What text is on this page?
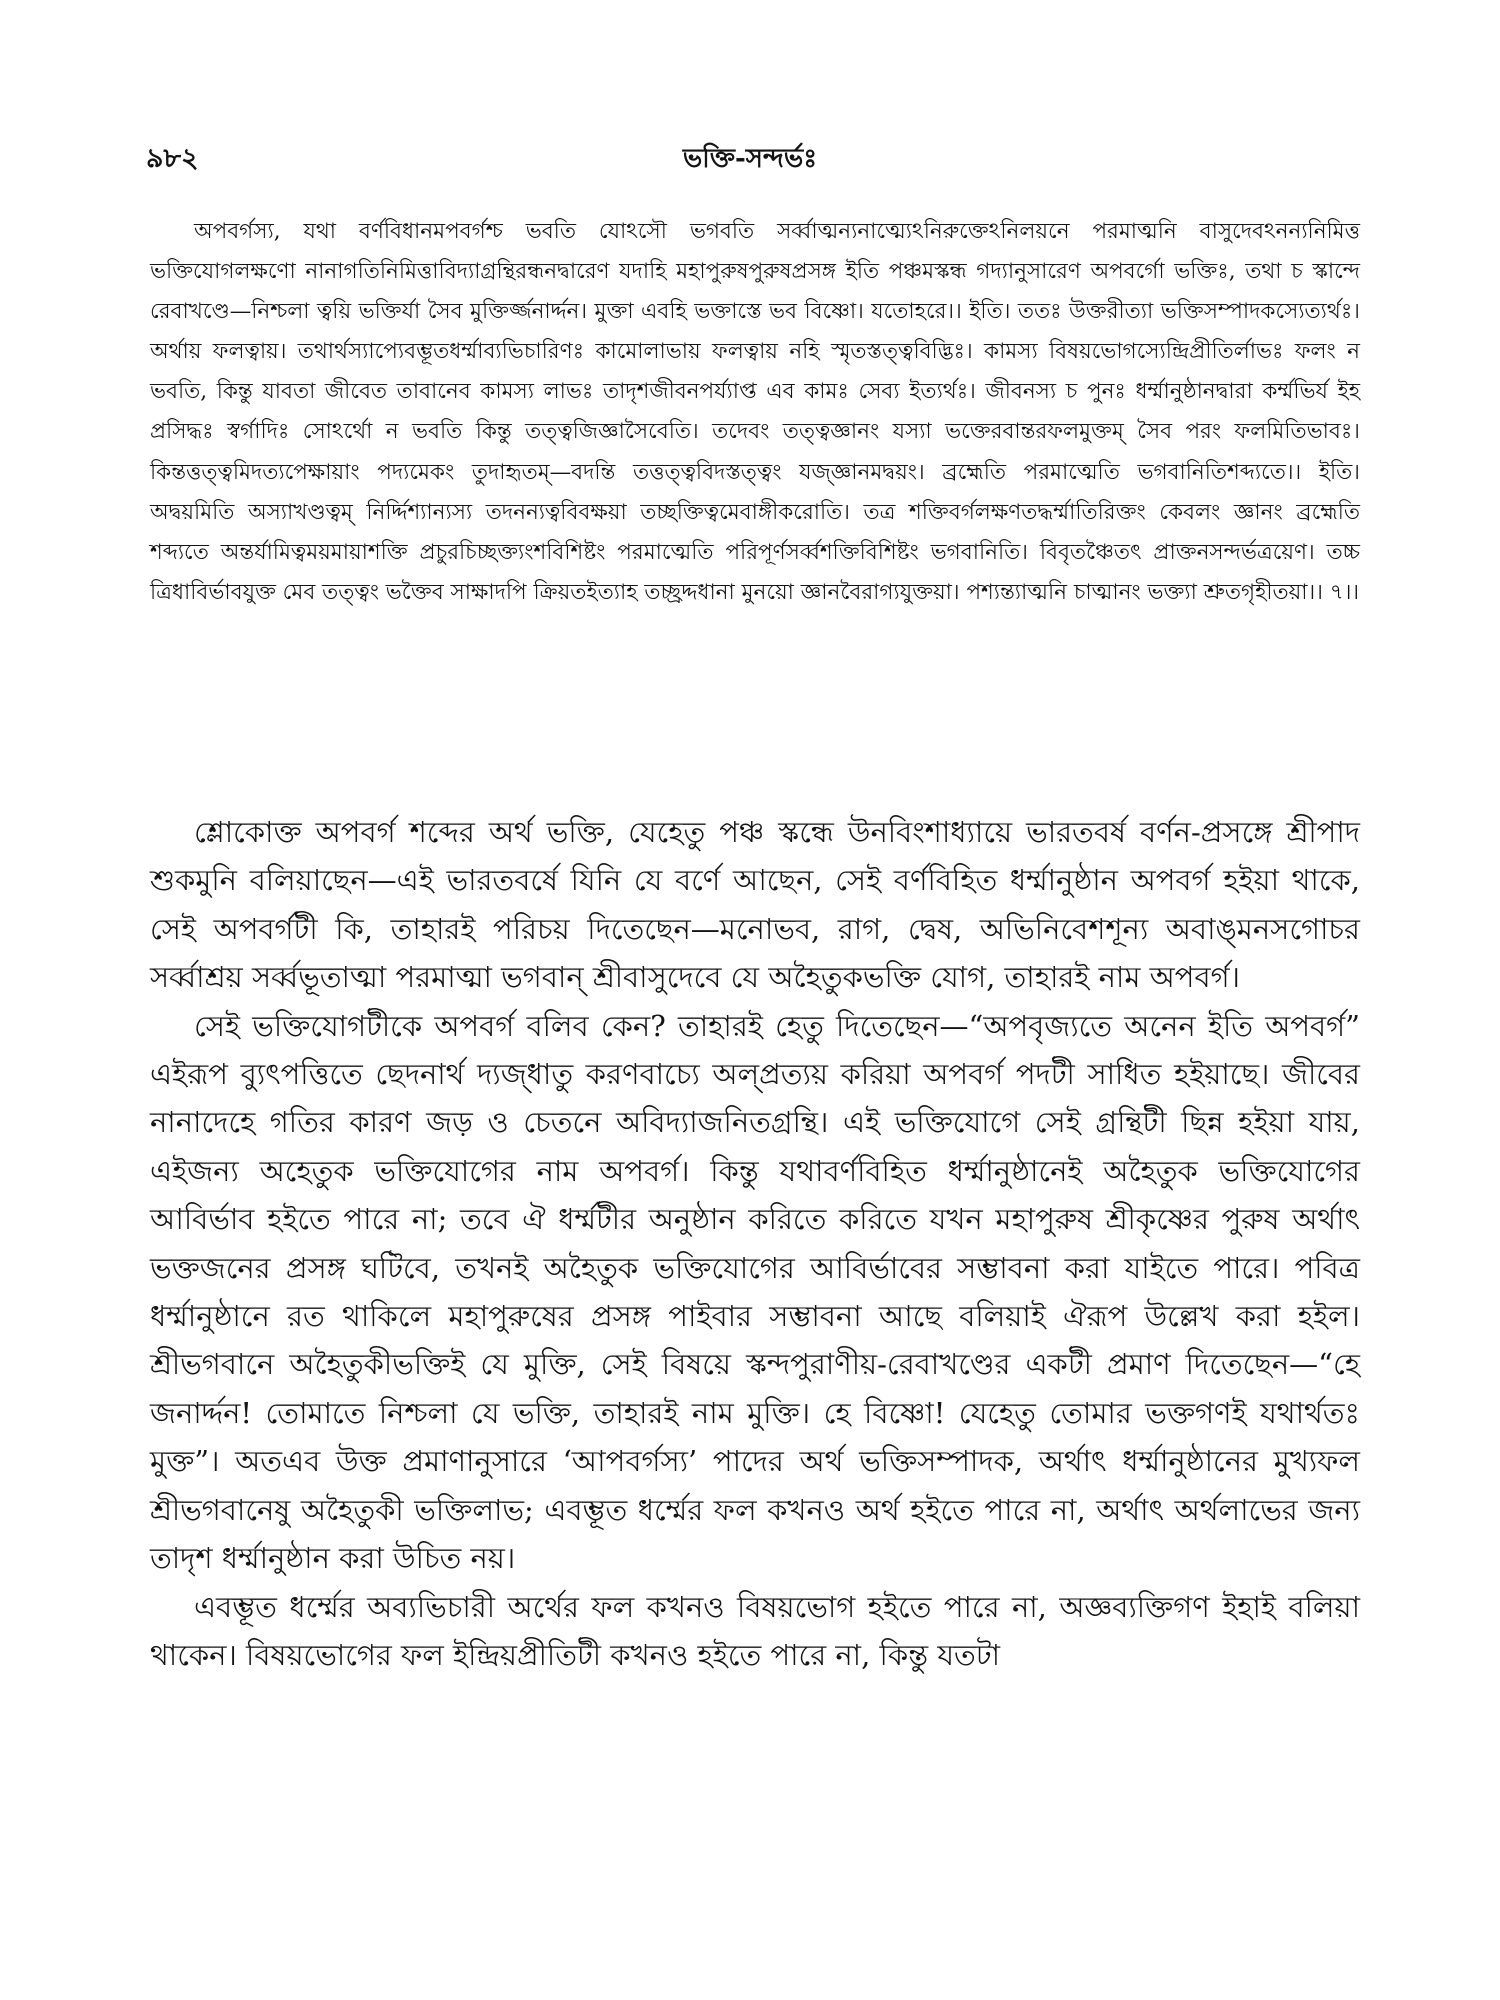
৯৮২	ভক্তি-সন্দর্ভঃ
অপবর্গস্য, যথা বর্ণবিধানমপবর্গশ্চ ভবতি যোঽসৌ ভগবতি সর্ব্বাত্মন্যনাত্ম্যেঽনিরুক্তেঽনিলয়নে পরমাত্মনি বাসুদেবঽনন্যনিমিত্ত ভক্তিযোগলক্ষণো নানাগতিনিমিত্তাবিদ্যাগ্রন্থিরন্ধনদ্বারেণ যদাহি মহাপুরুষপুরুষপ্রসঙ্গ ইতি পঞ্চমস্কন্ধ গদ্যানুসারেণ অপবর্গো ভক্তিঃ, তথা চ স্কান্দে রেবাখণ্ডে—নিশ্চলা ত্বয়ি ভক্তির্যা সৈব মুক্তির্জ্জনার্দ্দন। মুক্তা এবহি ভক্তাস্তে ভব বিষ্ণো। যতোহরে।। ইতি। ততঃ উক্তরীত্যা ভক্তিসম্পাদকস্যেত্যর্থঃ। অর্থায় ফলত্বায়। তথার্থস্যাপ্যেবম্ভূতধর্ম্মাব্যভিচারিণঃ কামোলাভায় ফলত্বায় নহি স্মৃতস্তত্ত্ববিদ্ভিঃ। কামস্য বিষয়ভোগস্যেন্দ্রিপ্রীতির্লাভঃ ফলং ন ভবতি, কিন্তু যাবতা জীবেত তাবানেব কামস্য লাভঃ তাদৃশজীবনপর্য্যাপ্ত এব কামঃ সেব্য ইত্যর্থঃ। জীবনস্য চ পুনঃ ধর্ম্মানুষ্ঠানদ্বারা কর্ম্মভির্য ইহ প্রসিদ্ধঃ স্বর্গাদিঃ সোঽর্থো ন ভবতি কিন্তু তত্ত্বজিজ্ঞাসৈবেতি। তদেবং তত্ত্বজ্ঞানং যস্যা ভক্তেরবান্তরফলমুক্তম্ সৈব পরং ফলমিতিভাবঃ। কিন্তত্তত্ত্বমিদত্যপেক্ষায়াং পদ্যমেকং তুদাহৃতম্—বদন্তি তত্তত্ত্ববিদস্তত্ত্বং যজ্জ্ঞানমদ্বয়ং। ব্রহ্মেতি পরমাত্মেতি ভগবানিতিশব্দ্যতে।। ইতি। অদ্বয়মিতি অস্যাখণ্ডত্বম্ নির্দ্দিশ্যান্যস্য তদনন্যত্ববিবক্ষয়া তচ্ছক্তিত্বমেবাঙ্গীকরোতি। তত্র শক্তিবর্গলক্ষণতদ্ধর্ম্মাতিরিক্তং কেবলং জ্ঞানং ব্রহ্মেতি শব্দ্যতে অন্তর্যামিত্বময়মায়াশক্তি প্রচুরচিচ্ছক্ত্যংশবিশিষ্টং পরমাত্মেতি পরিপূর্ণসর্ব্বশক্তিবিশিষ্টং ভগবানিতি। বিবৃতঞ্চৈতৎ প্রাক্তনসন্দর্ভত্রয়েণ। তচ্চ ত্রিধাবির্ভাবযুক্ত মেব তত্ত্বং ভক্তৈব সাক্ষাদপি ক্রিয়তইত্যাহ তচ্ছ্রদ্দধানা মুনয়ো জ্ঞানবৈরাগ্যযুক্তয়া। পশ্যন্ত্যাত্মনি চাত্মানং ভক্ত্যা শ্রুতগৃহীতয়া।। ৭।।

শ্লোকোক্ত অপবর্গ শব্দের অর্থ ভক্তি, যেহেতু পঞ্চ স্কন্ধে উনবিংশাধ্যায়ে ভারতবর্ষ বর্ণন-প্রসঙ্গে শ্রীপাদ শুকমুনি বলিয়াছেন—এই ভারতবর্ষে যিনি যে বর্ণে আছেন, সেই বর্ণবিহিত ধর্ম্মানুষ্ঠান অপবর্গ হইয়া থাকে, সেই অপবর্গটী কি, তাহারই পরিচয় দিতেছেন—মনোভব, রাগ, দ্বেষ, অভিনিবেশশূন্য অবাঙ্‌মনসগোচর সর্ব্বাশ্রয় সর্ব্বভূতাত্মা পরমাত্মা ভগবান্ শ্রীবাসুদেবে যে অহৈতুকভক্তি যোগ, তাহারই নাম অপবর্গ।

সেই ভক্তিযোগটীকে অপবর্গ বলিব কেন? তাহারই হেতু দিতেছেন—“অপবৃজ্যতে অনেন ইতি অপবর্গ” এইরূপ ব্যুৎপত্তিতে ছেদনার্থ দ্যজ্‌ধাতু করণবাচ্যে অল্‌প্রত্যয় করিয়া অপবর্গ পদটী সাধিত হইয়াছে। জীবের নানাদেহে গতির কারণ জড় ও চেতনে অবিদ্যাজনিতগ্রন্থি। এই ভক্তিযোগে সেই গ্রন্থিটী ছিন্ন হইয়া যায়, এইজন্য অহেতুক ভক্তিযোগের নাম অপবর্গ। কিন্তু যথাবর্ণবিহিত ধর্ম্মানুষ্ঠানেই অহৈতুক ভক্তিযোগের আবির্ভাব হইতে পারে না; তবে ঐ ধর্ম্মটীর অনুষ্ঠান করিতে করিতে যখন মহাপুরুষ শ্রীকৃষ্ণের পুরুষ অর্থাৎ ভক্তজনের প্রসঙ্গ ঘটিবে, তখনই অহৈতুক ভক্তিযোগের আবির্ভাবের সম্ভাবনা করা যাইতে পারে। পবিত্র ধর্ম্মানুষ্ঠানে রত থাকিলে মহাপুরুষের প্রসঙ্গ পাইবার সম্ভাবনা আছে বলিয়াই ঐরূপ উল্লেখ করা হইল। শ্রীভগবানে অহৈতুকীভক্তিই যে মুক্তি, সেই বিষয়ে স্কন্দপুরাণীয়-রেবাখণ্ডের একটী প্রমাণ দিতেছেন—“হে জনার্দ্দন! তোমাতে নিশ্চলা যে ভক্তি, তাহারই নাম মুক্তি। হে বিষ্ণো! যেহেতু তোমার ভক্তগণই যথার্থতঃ মুক্ত”। অতএব উক্ত প্রমাণানুসারে ‘আপবর্গস্য’ পাদের অর্থ ভক্তিসম্পাদক, অর্থাৎ ধর্ম্মানুষ্ঠানের মুখ্যফল শ্রীভগবানেষু অহৈতুকী ভক্তিলাভ; এবম্ভূত ধর্ম্মের ফল কখনও অর্থ হইতে পারে না, অর্থাৎ অর্থলাভের জন্য তাদৃশ ধর্ম্মানুষ্ঠান করা উচিত নয়।

এবম্ভূত ধর্ম্মের অব্যভিচারী অর্থের ফল কখনও বিষয়ভোগ হইতে পারে না, অজ্ঞব্যক্তিগণ ইহাই বলিয়া থাকেন। বিষয়ভোগের ফল ইন্দ্রিয়প্রীতিটী কখনও হইতে পারে না, কিন্তু যতটা
